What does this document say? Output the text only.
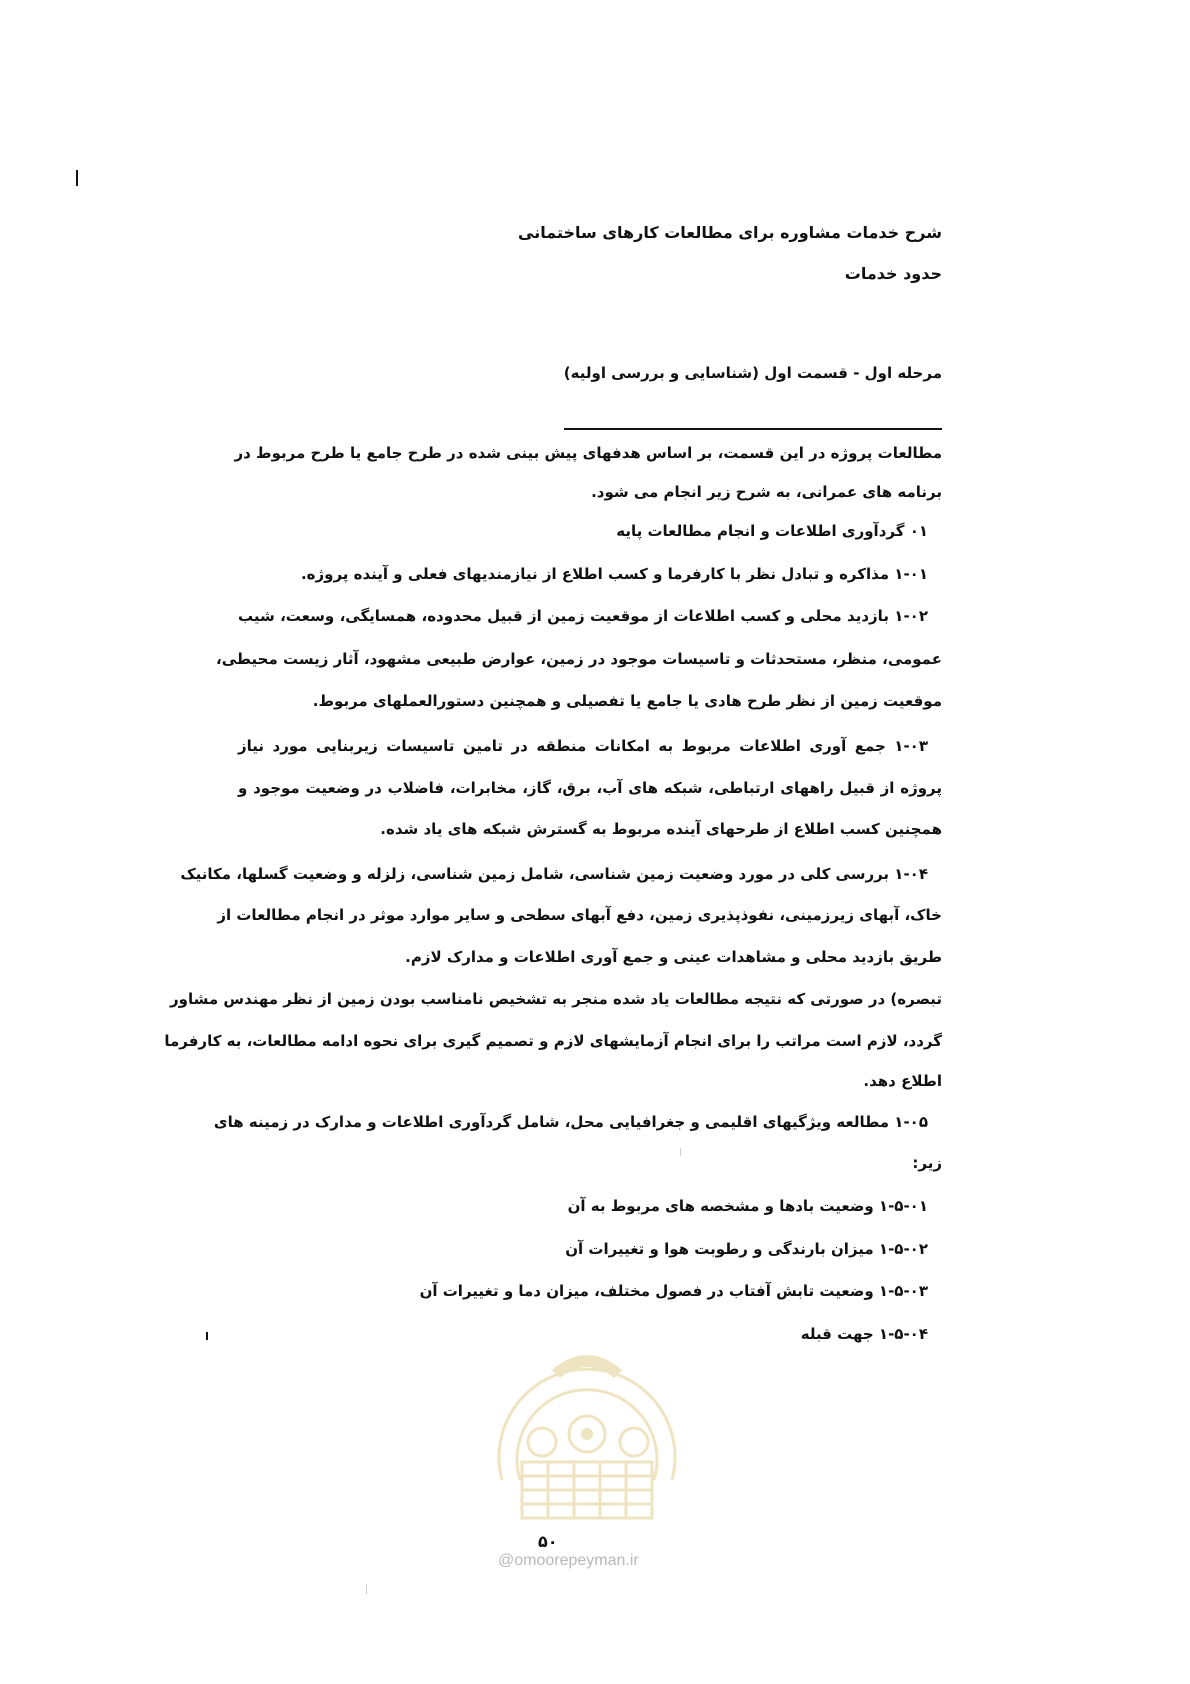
شرح خدمات مشاوره برای مطالعات کارهای ساختمانی
حدود خدمات
مرحله اول - قسمت اول (شناسایی و بررسی اولیه)
مطالعات پروژه در این قسمت، بر اساس هدفهای پیش بینی شده در طرح جامع یا طرح مربوط در
برنامه های عمرانی، به شرح زیر انجام می شود.
۰۱ گردآوری اطلاعات و انجام مطالعات پایه
۱-۰۱ مذاکره و تبادل نظر با کارفرما و کسب اطلاع از نیازمندیهای فعلی و آینده پروژه.
۱-۰۲ بازدید محلی و کسب اطلاعات از موقعیت زمین از قبیل محدوده، همسایگی، وسعت، شیب
عمومی، منظر، مستحدثات و تاسیسات موجود در زمین، عوارض طبیعی مشهود، آثار زیست محیطی،
موقعیت زمین از نظر طرح هادی یا جامع یا تفصیلی و همچنین دستورالعملهای مربوط.
۱-۰۳ جمع آوری اطلاعات مربوط به امکانات منطقه در تامین تاسیسات زیربنایی مورد نیاز
پروژه از قبیل راههای ارتباطی، شبکه های آب، برق، گاز، مخابرات، فاضلاب در وضعیت موجود و
همچنین کسب اطلاع از طرحهای آینده مربوط به گسترش شبکه های یاد شده.
۱-۰۴ بررسی کلی در مورد وضعیت زمین شناسی، شامل زمین شناسی، زلزله و وضعیت گسلها، مکانیک
خاک، آبهای زیرزمینی، نفوذپذیری زمین، دفع آبهای سطحی و سایر موارد موثر در انجام مطالعات از
طریق بازدید محلی و مشاهدات عینی و جمع آوری اطلاعات و مدارک لازم.
تبصره) در صورتی که نتیجه مطالعات یاد شده منجر به تشخیص نامناسب بودن زمین از نظر مهندس مشاور
گردد، لازم است مراتب را برای انجام آزمایشهای لازم و تصمیم گیری برای نحوه ادامه مطالعات، به کارفرما
اطلاع دهد.
۱-۰۵ مطالعه ویژگیهای اقلیمی و جغرافیایی محل، شامل گردآوری اطلاعات و مدارک در زمینه های
زیر:
۱-۵-۰۱ وضعیت بادها و مشخصه های مربوط به آن
۱-۵-۰۲ میزان بارندگی و رطوبت هوا و تغییرات آن
۱-۵-۰۳ وضعیت تابش آفتاب در فصول مختلف، میزان دما و تغییرات آن
۱-۵-۰۴ جهت قبله
۵۰
@omoorepeyman.ir
